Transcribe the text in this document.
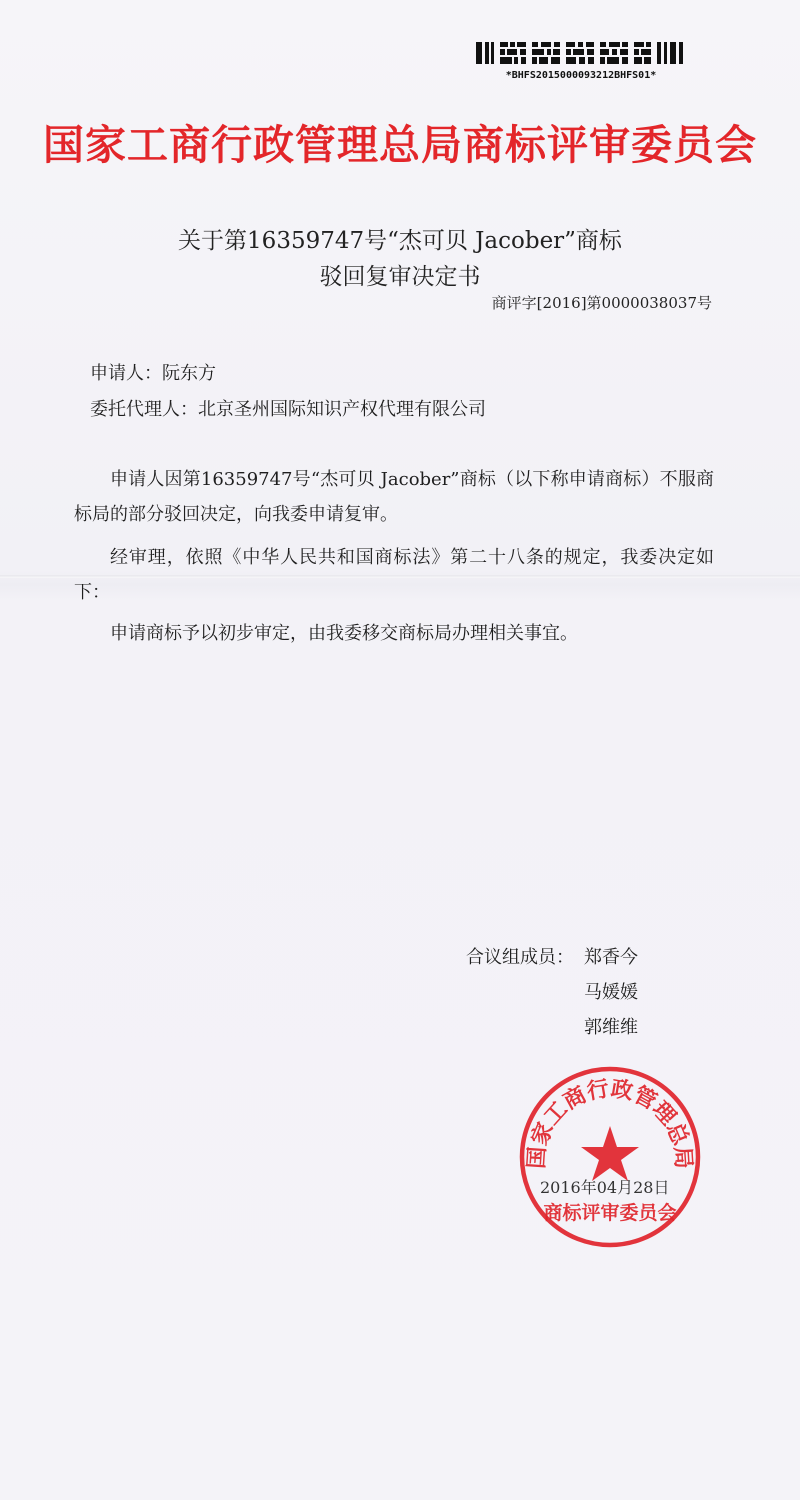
*BHFS2015000093212BHFS01*
国家工商行政管理总局商标评审委员会
关于第16359747号“杰可贝 Jacober”商标
驳回复审决定书
商评字[2016]第0000038037号
申请人：阮东方
委托代理人：北京圣州国际知识产权代理有限公司
申请人因第16359747号“杰可贝 Jacober”商标（以下称申请商标）不服商标局的部分驳回决定，向我委申请复审。
经审理，依照《中华人民共和国商标法》第二十八条的规定，我委决定如下：
申请商标予以初步审定，由我委移交商标局办理相关事宜。
合议组成员： 郑香今
马媛媛
郭维维
国家工商行政管理总局
商标评审委员会
2016年04月28日
